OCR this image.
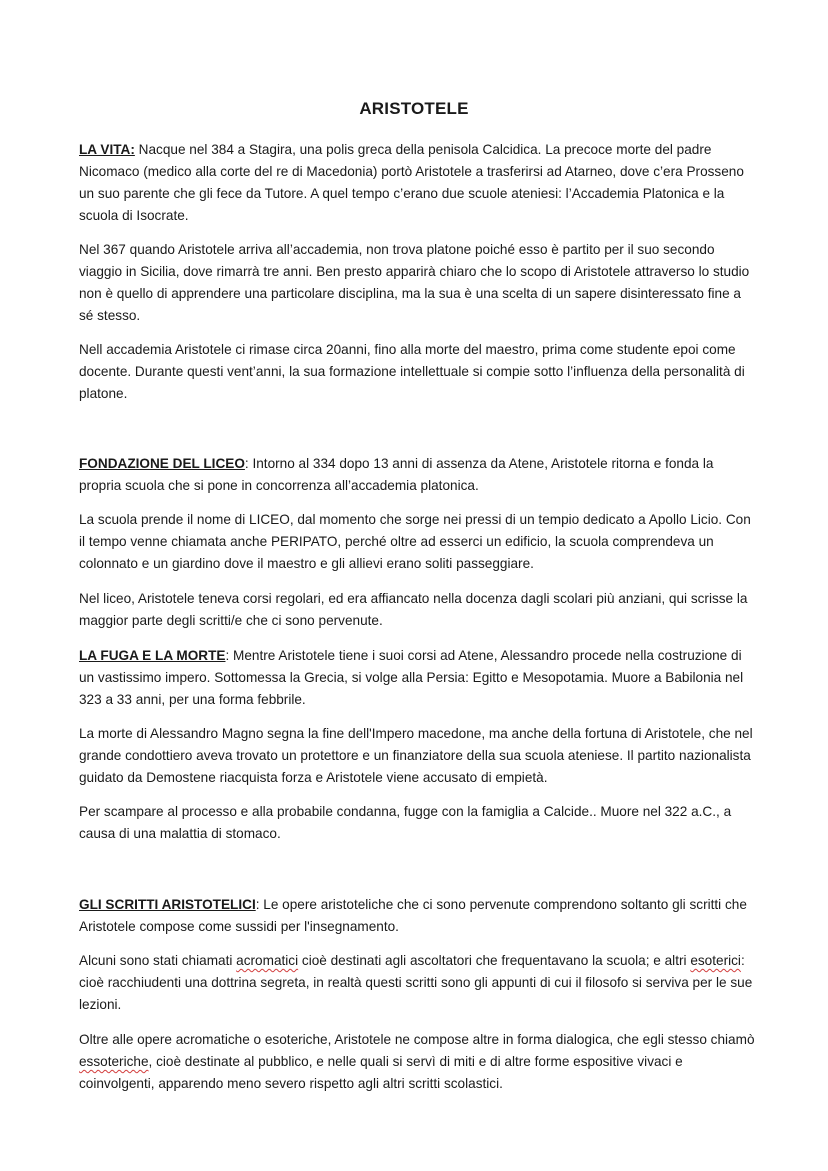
ARISTOTELE

LA VITA: Nacque nel 384 a Stagira, una polis greca della penisola Calcidica. La precoce morte del padre Nicomaco (medico alla corte del re di Macedonia) portò Aristotele a trasferirsi ad Atarneo, dove c’era Prosseno un suo parente che gli fece da Tutore. A quel tempo c’erano due scuole ateniesi: l’Accademia Platonica e la scuola di Isocrate.

Nel 367 quando Aristotele arriva all’accademia, non trova platone poiché esso è partito per il suo secondo viaggio in Sicilia, dove rimarrà tre anni. Ben presto apparirà chiaro che lo scopo di Aristotele attraverso lo studio non è quello di apprendere una particolare disciplina, ma la sua è una scelta di un sapere disinteressato fine a sé stesso.

Nell accademia Aristotele ci rimase circa 20anni, fino alla morte del maestro, prima come studente epoi come docente. Durante questi vent’anni, la sua formazione intellettuale si compie sotto l’influenza della personalità di platone.

FONDAZIONE DEL LICEO: Intorno al 334 dopo 13 anni di assenza da Atene, Aristotele ritorna e fonda la propria scuola che si pone in concorrenza all’accademia platonica.

La scuola prende il nome di LICEO, dal momento che sorge nei pressi di un tempio dedicato a Apollo Licio. Con il tempo venne chiamata anche PERIPATO, perché oltre ad esserci un edificio, la scuola comprendeva un colonnato e un giardino dove il maestro e gli allievi erano soliti passeggiare.

Nel liceo, Aristotele teneva corsi regolari, ed era affiancato nella docenza dagli scolari più anziani, qui scrisse la maggior parte degli scritti/e che ci sono pervenute.

LA FUGA E LA MORTE: Mentre Aristotele tiene i suoi corsi ad Atene, Alessandro procede nella costruzione di un vastissimo impero. Sottomessa la Grecia, si volge alla Persia: Egitto e Mesopotamia. Muore a Babilonia nel 323 a 33 anni, per una forma febbrile.

La morte di Alessandro Magno segna la fine dell'Impero macedone, ma anche della fortuna di Aristotele, che nel grande condottiero aveva trovato un protettore e un finanziatore della sua scuola ateniese. Il partito nazionalista guidato da Demostene riacquista forza e Aristotele viene accusato di empietà.

Per scampare al processo e alla probabile condanna, fugge con la famiglia a Calcide.. Muore nel 322 a.C., a causa di una malattia di stomaco.

GLI SCRITTI ARISTOTELICI: Le opere aristoteliche che ci sono pervenute comprendono soltanto gli scritti che Aristotele compose come sussidi per l'insegnamento.

Alcuni sono stati chiamati acromatici cioè destinati agli ascoltatori che frequentavano la scuola; e altri esoterici: cioè racchiudenti una dottrina segreta, in realtà questi scritti sono gli appunti di cui il filosofo si serviva per le sue lezioni.

Oltre alle opere acromatiche o esoteriche, Aristotele ne compose altre in forma dialogica, che egli stesso chiamò essoteriche, cioè destinate al pubblico, e nelle quali si servì di miti e di altre forme espositive vivaci e coinvolgenti, apparendo meno severo rispetto agli altri scritti scolastici.
